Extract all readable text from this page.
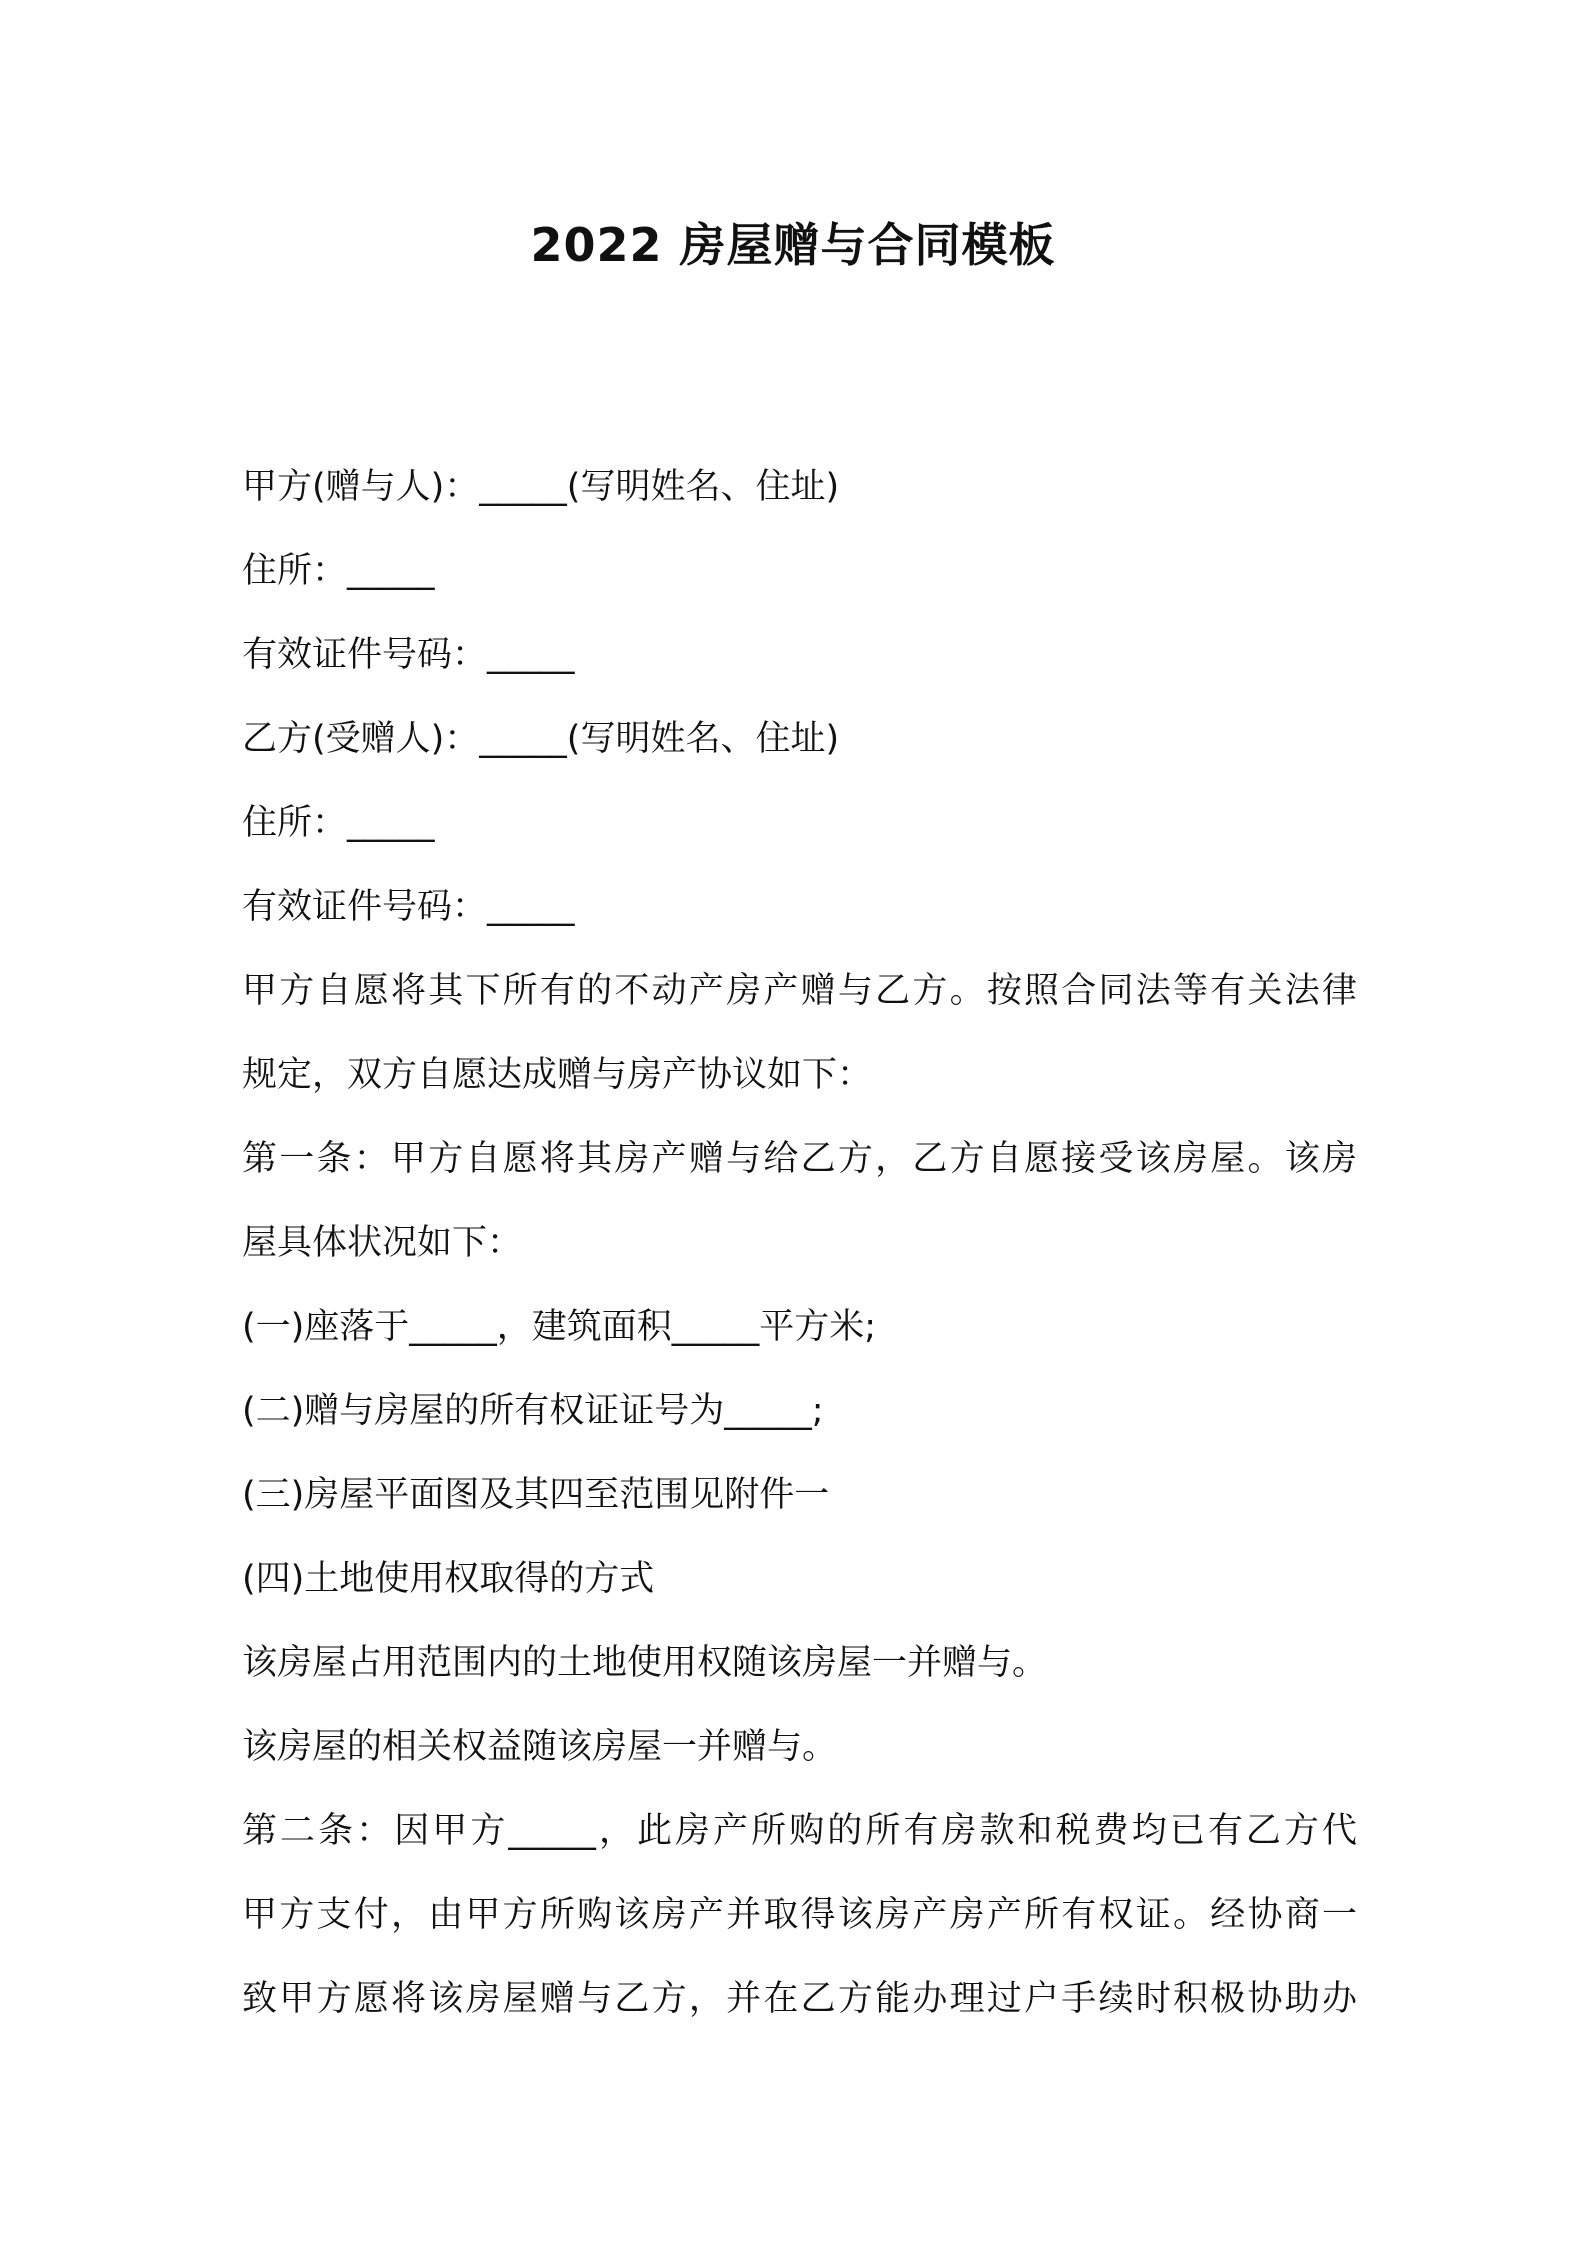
2022 房屋赠与合同模板
甲方(赠与人)：_____(写明姓名、住址)
住所：_____
有效证件号码：_____
乙方(受赠人)：_____(写明姓名、住址)
住所：_____
有效证件号码：_____
甲方自愿将其下所有的不动产房产赠与乙方。按照合同法等有关法律
规定，双方自愿达成赠与房产协议如下：
第一条：甲方自愿将其房产赠与给乙方，乙方自愿接受该房屋。该房
屋具体状况如下：
(一)座落于_____，建筑面积_____平方米;
(二)赠与房屋的所有权证证号为_____;
(三)房屋平面图及其四至范围见附件一
(四)土地使用权取得的方式
该房屋占用范围内的土地使用权随该房屋一并赠与。
该房屋的相关权益随该房屋一并赠与。
第二条：因甲方_____，此房产所购的所有房款和税费均已有乙方代
甲方支付，由甲方所购该房产并取得该房产房产所有权证。经协商一
致甲方愿将该房屋赠与乙方，并在乙方能办理过户手续时积极协助办
